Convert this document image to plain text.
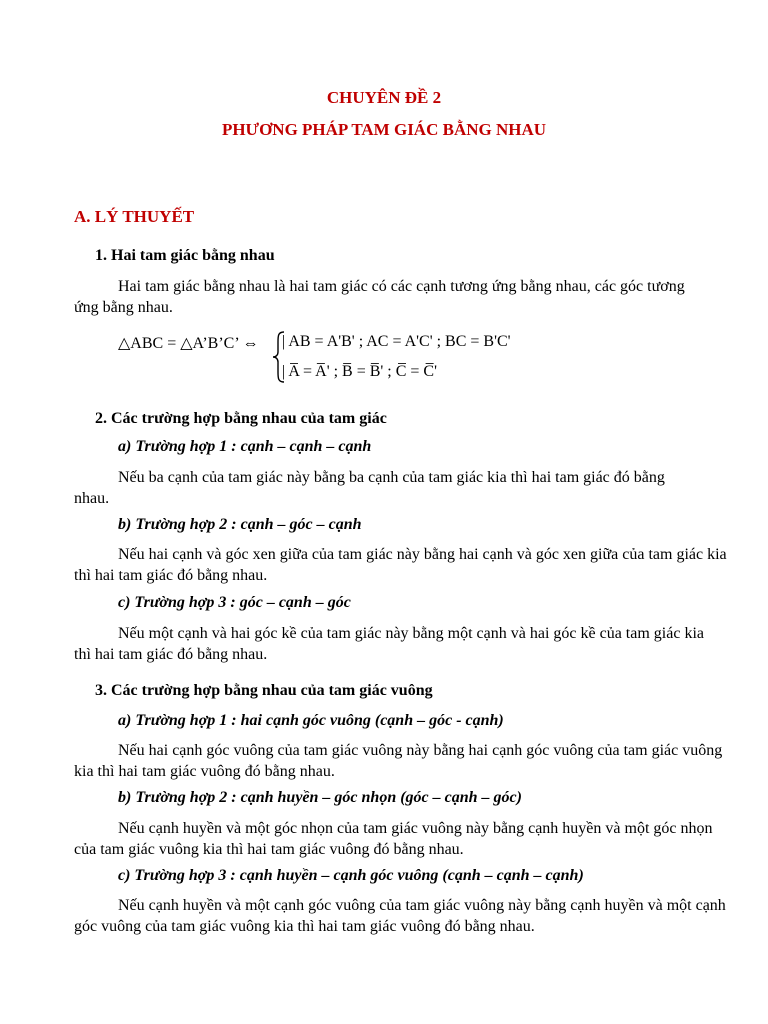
CHUYÊN ĐỀ 2

PHƯƠNG PHÁP TAM GIÁC BẰNG NHAU

A. LÝ THUYẾT

1. Hai tam giác bằng nhau

Hai tam giác bằng nhau là hai tam giác có các cạnh tương ứng bằng nhau, các góc tương ứng bằng nhau.

△ABC = △A’B’C’ ⇔ | AB = A'B' ; AC = A'C' ; BC = B'C'

| A̅ = A̅' ; B̅ = B̅' ; C̅ = C̅'

2. Các trường hợp bằng nhau của tam giác

a) Trường hợp 1 : cạnh – cạnh – cạnh

Nếu ba cạnh của tam giác này bằng ba cạnh của tam giác kia thì hai tam giác đó bằng nhau.

b) Trường hợp 2 : cạnh – góc – cạnh

Nếu hai cạnh và góc xen giữa của tam giác này bằng hai cạnh và góc xen giữa của tam giác kia thì hai tam giác đó bằng nhau.

c) Trường hợp 3 : góc – cạnh – góc

Nếu một cạnh và hai góc kề của tam giác này bằng một cạnh và hai góc kề của tam giác kia thì hai tam giác đó bằng nhau.

3. Các trường hợp bằng nhau của tam giác vuông

a) Trường hợp 1 : hai cạnh góc vuông (cạnh – góc - cạnh)

Nếu hai cạnh góc vuông của tam giác vuông này bằng hai cạnh góc vuông của tam giác vuông kia thì hai tam giác vuông đó bằng nhau.

b) Trường hợp 2 : cạnh huyền – góc nhọn (góc – cạnh – góc)

Nếu cạnh huyền và một góc nhọn của tam giác vuông này bằng cạnh huyền và một góc nhọn của tam giác vuông kia thì hai tam giác vuông đó bằng nhau.

c) Trường hợp 3 : cạnh huyền – cạnh góc vuông (cạnh – cạnh – cạnh)

Nếu cạnh huyền và một cạnh góc vuông của tam giác vuông này bằng cạnh huyền và một cạnh góc vuông của tam giác vuông kia thì hai tam giác vuông đó bằng nhau.
